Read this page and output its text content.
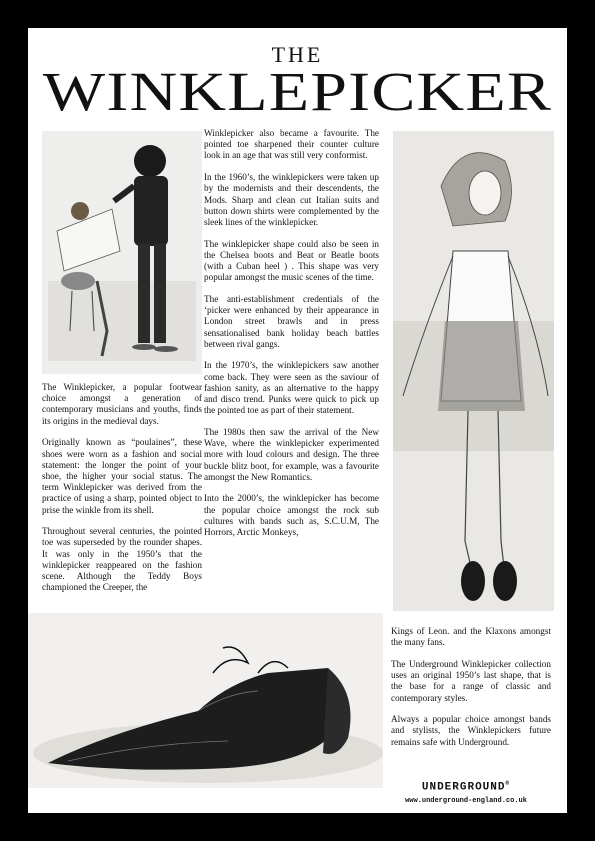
THE
WINKLEPICKER

The Winklepicker, a popular footwear choice amongst a generation of contemporary musicians and youths, finds its origins in the medieval days.

Originally known as “poulaines”, these shoes were worn as a fashion and social statement: the longer the point of your shoe, the higher your social status. The term Winklepicker was derived from the practice of using a sharp, pointed object to prise the winkle from its shell.

Throughout several centuries, the pointed toe was superseded by the rounder shapes. It was only in the 1950’s that the winklepicker reappeared on the fashion scene. Although the Teddy Boys championed the Creeper, the

Winklepicker also became a favourite. The pointed toe sharpened their counter culture look in an age that was still very conformist.

In the 1960’s, the winklepickers were taken up by the modernists and their descendents, the Mods. Sharp and clean cut Italian suits and button down shirts were complemented by the sleek lines of the winklepicker.

The winklepicker shape could also be seen in the Chelsea boots and Beat or Beatle boots (with a Cuban heel ) . This shape was very popular amongst the music scenes of the time.

The anti-establishment credentials of the ‘picker were enhanced by their appearance in London street brawls and in press sensationalised bank holiday beach battles between rival gangs.

In the 1970’s, the winklepickers saw another come back. They were seen as the saviour of fashion sanity, as an alternative to the happy and disco trend. Punks were quick to pick up the pointed toe as part of their statement.

The 1980s then saw the arrival of the New Wave, where the winklepicker experimented more with loud colours and design. The three buckle blitz boot, for example, was a favourite amongst the New Romantics.

Into the 2000’s, the winklepicker has become the popular choice amongst the rock sub cultures with bands such as, S.C.U.M, The Horrors, Arctic Monkeys,

Kings of Leon. and the Klaxons amongst the many fans.

The Underground Winklepicker collection uses an original 1950’s last shape, that is the base for a range of classic and contemporary styles.

Always a popular choice amongst bands and stylists, the Winklepickers future remains safe with Underground.

UNDERGROUND®
www.underground-england.co.uk
